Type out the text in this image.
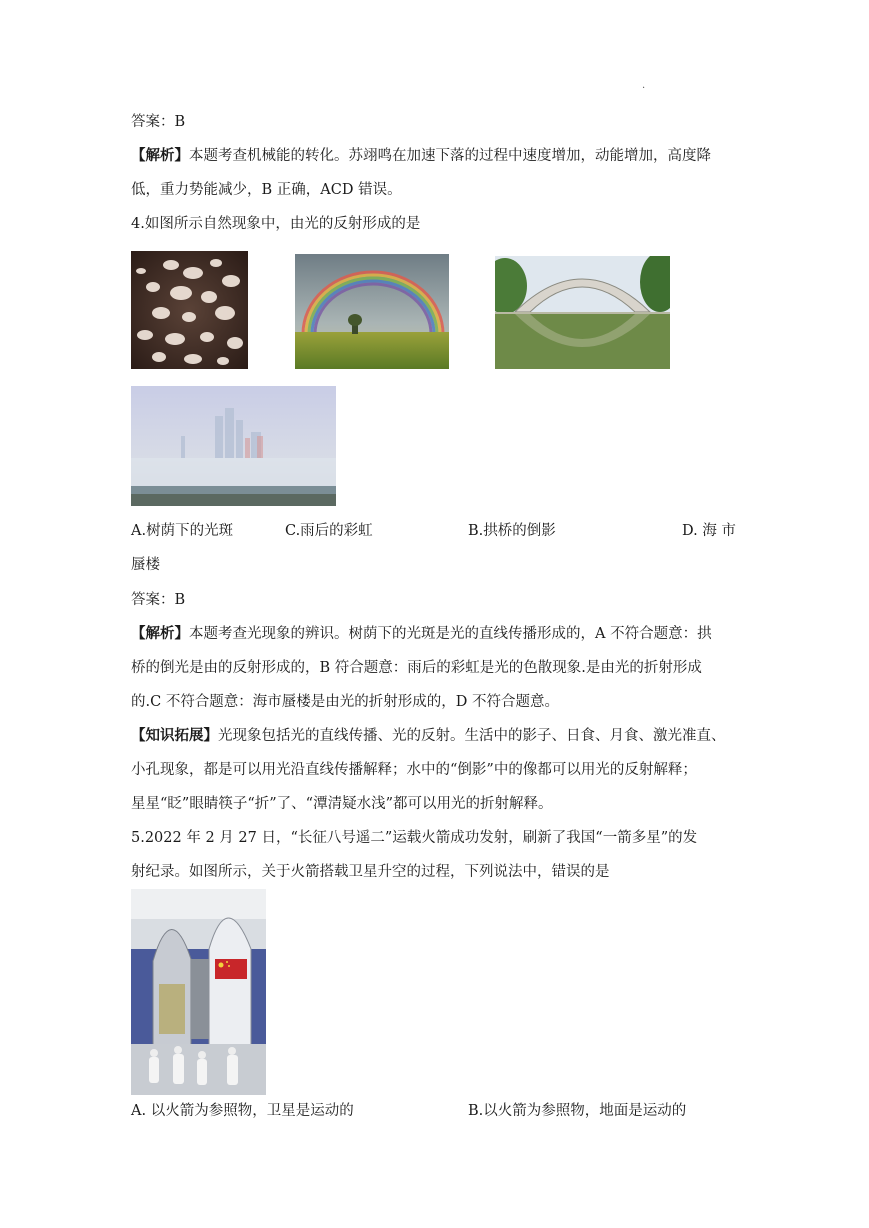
.
答案：B
【解析】本题考查机械能的转化。苏翊鸣在加速下落的过程中速度增加，动能增加，高度降
低，重力势能减少，B 正确，ACD 错误。
4.如图所示自然现象中，由光的反射形成的是
A.树荫下的光斑	C.雨后的彩虹	B.拱桥的倒影	D. 海 市
蜃楼
答案：B
【解析】本题考查光现象的辨识。树荫下的光斑是光的直线传播形成的，A 不符合题意：拱
桥的倒光是由的反射形成的，B 符合题意：雨后的彩虹是光的色散现象.是由光的折射形成
的.C 不符合题意：海市蜃楼是由光的折射形成的，D 不符合题意。
【知识拓展】光现象包括光的直线传播、光的反射。生活中的影子、日食、月食、激光准直、
小孔现象，都是可以用光沿直线传播解释；水中的“倒影”中的像都可以用光的反射解释；
星星“眨”眼睛筷子“折”了、“潭清疑水浅”都可以用光的折射解释。
5.2022 年 2 月 27 日，“长征八号遥二”运载火箭成功发射，刷新了我国“一箭多星”的发
射纪录。如图所示，关于火箭搭载卫星升空的过程，下列说法中，错误的是
A. 以火箭为参照物，卫星是运动的	B.以火箭为参照物，地面是运动的
